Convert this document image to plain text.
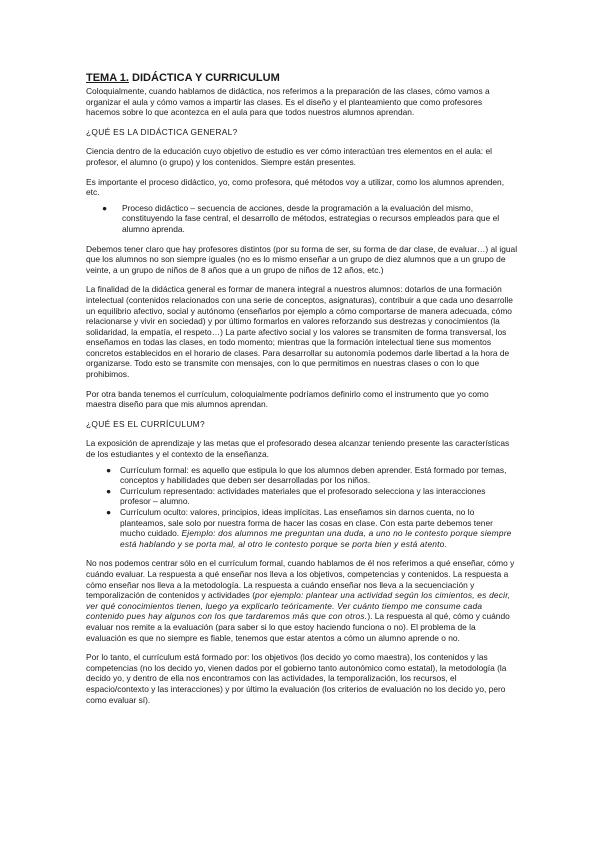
TEMA 1. DIDÁCTICA Y CURRICULUM

Coloquialmente, cuando hablamos de didáctica, nos referimos a la preparación de las clases, cómo vamos a organizar el aula y cómo vamos a impartir las clases. Es el diseño y el planteamiento que como profesores hacemos sobre lo que acontezca en el aula para que todos nuestros alumnos aprendan.

¿QUÉ ES LA DIDÁCTICA GENERAL?

Ciencia dentro de la educación cuyo objetivo de estudio es ver cómo interactúan tres elementos en el aula: el profesor, el alumno (o grupo) y los contenidos. Siempre están presentes.

Es importante el proceso didáctico, yo, como profesora, qué métodos voy a utilizar, como los alumnos aprenden, etc.

● Proceso didáctico – secuencia de acciones, desde la programación a la evaluación del mismo, constituyendo la fase central, el desarrollo de métodos, estrategias o recursos empleados para que el alumno aprenda.

Debemos tener claro que hay profesores distintos (por su forma de ser, su forma de dar clase, de evaluar…) al igual que los alumnos no son siempre iguales (no es lo mismo enseñar a un grupo de diez alumnos que a un grupo de veinte, a un grupo de niños de 8 años que a un grupo de niños de 12 años, etc.)

La finalidad de la didáctica general es formar de manera integral a nuestros alumnos: dotarlos de una formación intelectual (contenidos relacionados con una serie de conceptos, asignaturas), contribuir a que cada uno desarrolle un equilibrio afectivo, social y autónomo (enseñarlos por ejemplo a cómo comportarse de manera adecuada, cómo relacionarse y vivir en sociedad) y por último formarlos en valores reforzando sus destrezas y conocimientos (la solidaridad, la empatía, el respeto…) La parte afectivo social y los valores se transmiten de forma transversal, los enseñamos en todas las clases, en todo momento; mientras que la formación intelectual tiene sus momentos concretos establecidos en el horario de clases. Para desarrollar su autonomía podemos darle libertad a la hora de organizarse. Todo esto se transmite con mensajes, con lo que permitimos en nuestras clases o con lo que prohibimos.

Por otra banda tenemos el currículum, coloquialmente podríamos definirlo como el instrumento que yo como maestra diseño para que mis alumnos aprendan.

¿QUÉ ES EL CURRÍCULUM?

La exposición de aprendizaje y las metas que el profesorado desea alcanzar teniendo presente las características de los estudiantes y el contexto de la enseñanza.

● Currículum formal: es aquello que estipula lo que los alumnos deben aprender. Está formado por temas, conceptos y habilidades que deben ser desarrolladas por los niños.
● Currículum representado: actividades materiales que el profesorado selecciona y las interacciones profesor – alumno.
● Currículum oculto: valores, principios, ideas implícitas. Las enseñamos sin darnos cuenta, no lo planteamos, sale solo por nuestra forma de hacer las cosas en clase. Con esta parte debemos tener mucho cuidado. Ejemplo: dos alumnos me preguntan una duda, a uno no le contesto porque siempre está hablando y se porta mal, al otro le contesto porque se porta bien y está atento.

No nos podemos centrar sólo en el currículum formal, cuando hablamos de él nos referimos a qué enseñar, cómo y cuándo evaluar. La respuesta a qué enseñar nos lleva a los objetivos, competencias y contenidos. La respuesta a cómo enseñar nos lleva a la metodología. La respuesta a cuándo enseñar nos lleva a la secuenciación y temporalización de contenidos y actividades (por ejemplo: plantear una actividad según los cimientos, es decir, ver qué conocimientos tienen, luego ya explicarlo teóricamente. Ver cuánto tiempo me consume cada contenido pues hay algunos con los que tardaremos más que con otros.). La respuesta al qué, cómo y cuándo evaluar nos remite a la evaluación (para saber si lo que estoy haciendo funciona o no). El problema de la evaluación es que no siempre es fiable, tenemos que estar atentos a cómo un alumno aprende o no.

Por lo tanto, el currículum está formado por: los objetivos (los decido yo como maestra), los contenidos y las competencias (no los decido yo, vienen dados por el gobierno tanto autonómico como estatal), la metodología (la decido yo, y dentro de ella nos encontramos con las actividades, la temporalización, los recursos, el espacio/contexto y las interacciones) y por último la evaluación (los criterios de evaluación no los decido yo, pero como evaluar sí).
